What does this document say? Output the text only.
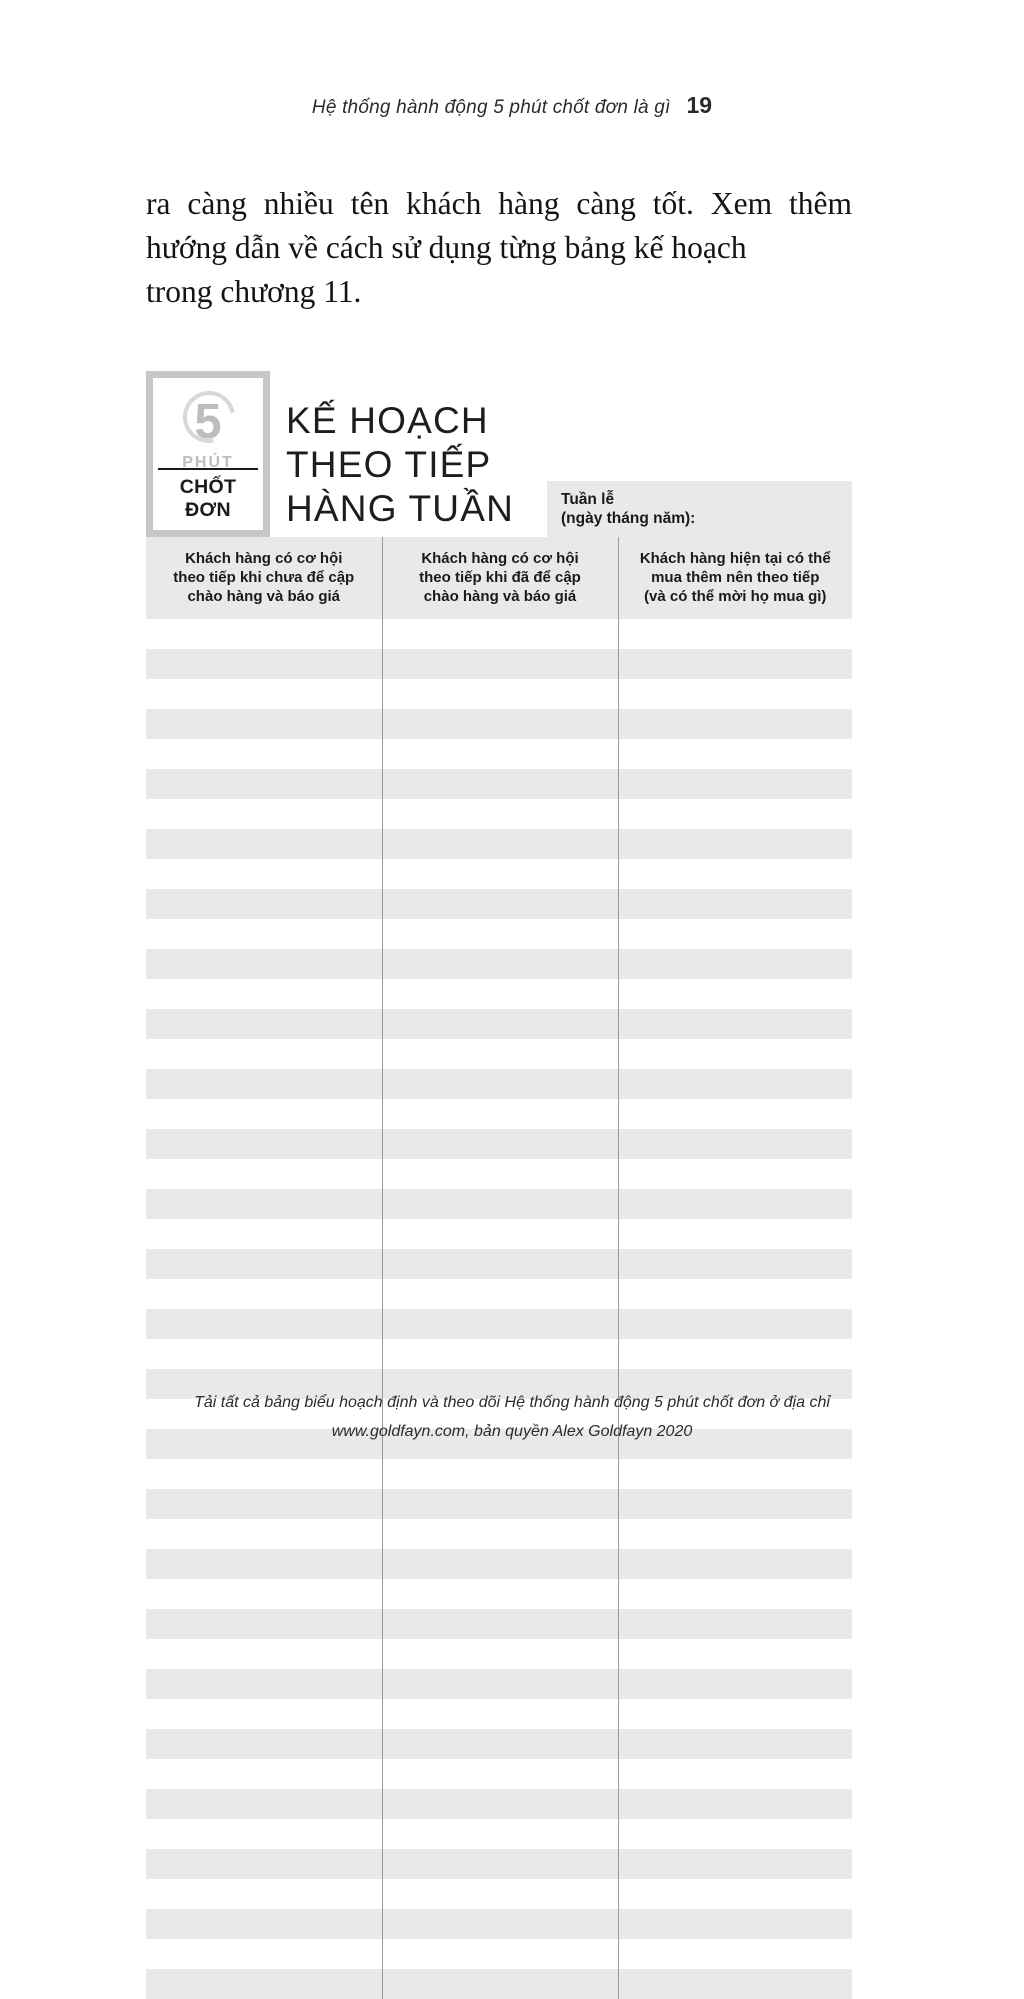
Hệ thống hành động 5 phút chốt đơn là gì 19
ra càng nhiều tên khách hàng càng tốt. Xem thêm hướng dẫn về cách sử dụng từng bảng kế hoạch
trong chương 11.
5
PHÚT
CHỐT ĐƠN
KẾ HOẠCH
THEO TIẾP
HÀNG TUẦN	Tuần lễ
(ngày tháng năm):
Khách hàng có cơ hội
theo tiếp khi chưa để cập
chào hàng và báo giá

Khách hàng có cơ hội
theo tiếp khi đã để cập
chào hàng và báo giá

Khách hàng hiện tại có thể
mua thêm nên theo tiếp
(và có thể mời họ mua gì)

Tải tất cả bảng biểu hoạch định và theo dõi Hệ thống hành động 5 phút chốt đơn ở địa chỉ
www.goldfayn.com, bản quyền Alex Goldfayn 2020
